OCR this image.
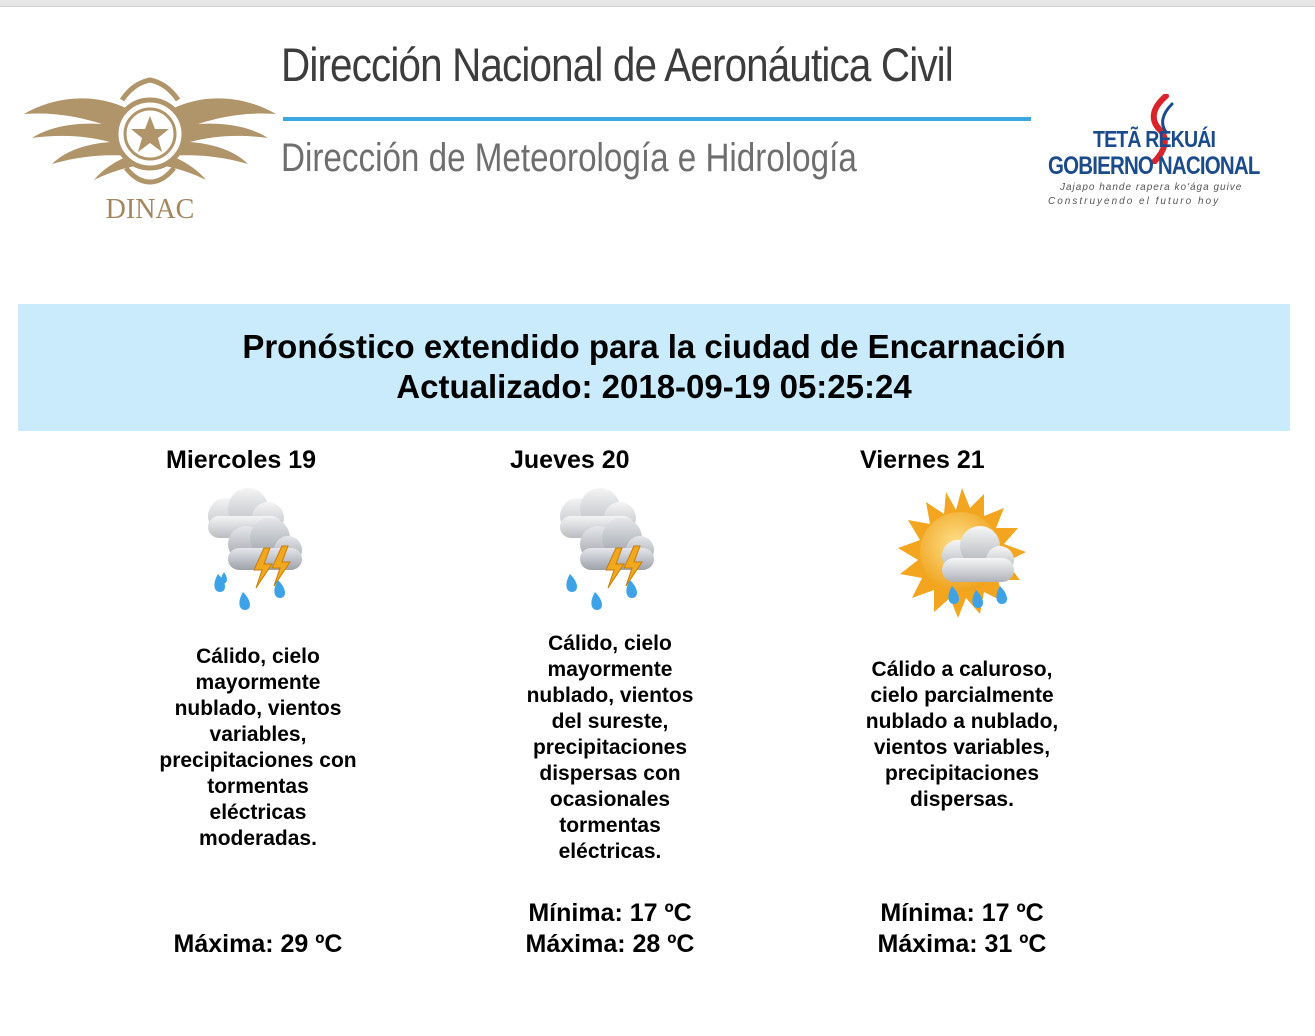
DINAC
Dirección Nacional de Aeronáutica Civil
Dirección de Meteorología e Hidrología	TETÃ REKUÁI
GOBIERNO NACIONAL
Jajapo hande rapera ko'ága guive
Construyendo el futuro hoy
Pronóstico extendido para la ciudad de Encarnación
Actualizado: 2018-09-19 05:25:24
Miercoles 19
Cálido, cielo mayormente nublado, vientos variables, precipitaciones con tormentas eléctricas moderadas.
Máxima: 29 ºC
Jueves 20
Cálido, cielo mayormente nublado, vientos del sureste, precipitaciones dispersas con ocasionales tormentas eléctricas.
Mínima: 17 ºC
Máxima: 28 ºC
Viernes 21
Cálido a caluroso, cielo parcialmente nublado a nublado, vientos variables, precipitaciones dispersas.
Mínima: 17 ºC
Máxima: 31 ºC
